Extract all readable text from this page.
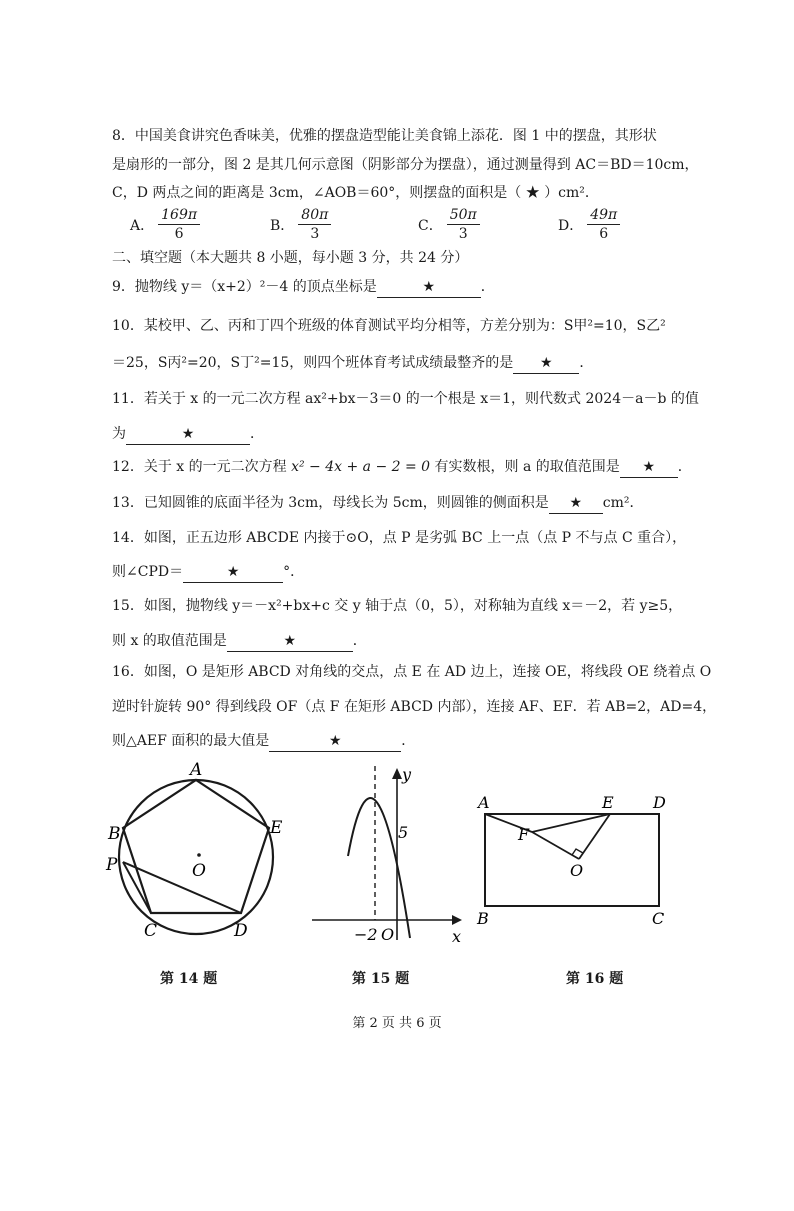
8．中国美食讲究色香味美，优雅的摆盘造型能让美食锦上添花．图 1 中的摆盘，其形状
是扇形的一部分，图 2 是其几何示意图（阴影部分为摆盘），通过测量得到 AC＝BD＝10cm，
C，D 两点之间的距离是 3cm，∠AOB＝60°，则摆盘的面积是（ ★ ）cm²．
A． $\frac{169\pi}{6}$	B． $\frac{80\pi}{3}$	C． $\frac{50\pi}{3}$	D． $\frac{49\pi}{6}$
二、填空题（本大题共 8 小题，每小题 3 分，共 24 分）
9．抛物线 y＝（x+2）²－4 的顶点坐标是	★	．
10．某校甲、乙、丙和丁四个班级的体育测试平均分相等，方差分别为：S甲²=10，S乙²
＝25，S丙²=20，S丁²=15，则四个班体育考试成绩最整齐的是 ★ ．
11．若关于 x 的一元二次方程 ax²+bx－3＝0 的一个根是 x＝1，则代数式 2024－a－b 的值
为	★	．
12．关于 x 的一元二次方程 x² − 4x + a − 2 = 0 有实数根，则 a 的取值范围是 ★ ．
13．已知圆锥的底面半径为 3cm，母线长为 5cm，则圆锥的侧面积是 ★ cm²．
14．如图，正五边形 ABCDE 内接于⊙O，点 P 是劣弧 BC 上一点（点 P 不与点 C 重合），
则∠CPD＝	★	°．
15．如图，抛物线 y＝－x²+bx+c 交 y 轴于点（0，5），对称轴为直线 x＝－2，若 y≥5，
则 x 的取值范围是	★	．
16．如图，O 是矩形 ABCD 对角线的交点，点 E 在 AD 边上，连接 OE，将线段 OE 绕着点 O
逆时针旋转 90° 得到线段 OF（点 F 在矩形 ABCD 内部），连接 AF、EF．若 AB=2，AD=4，
则△AEF 面积的最大值是	★	．
A
B	E
P	O
C	D
y
5
−2 O	x
A	E D
F
O
B	C
第 14 题	第 15 题	第 16 题
第 2 页 共 6 页
